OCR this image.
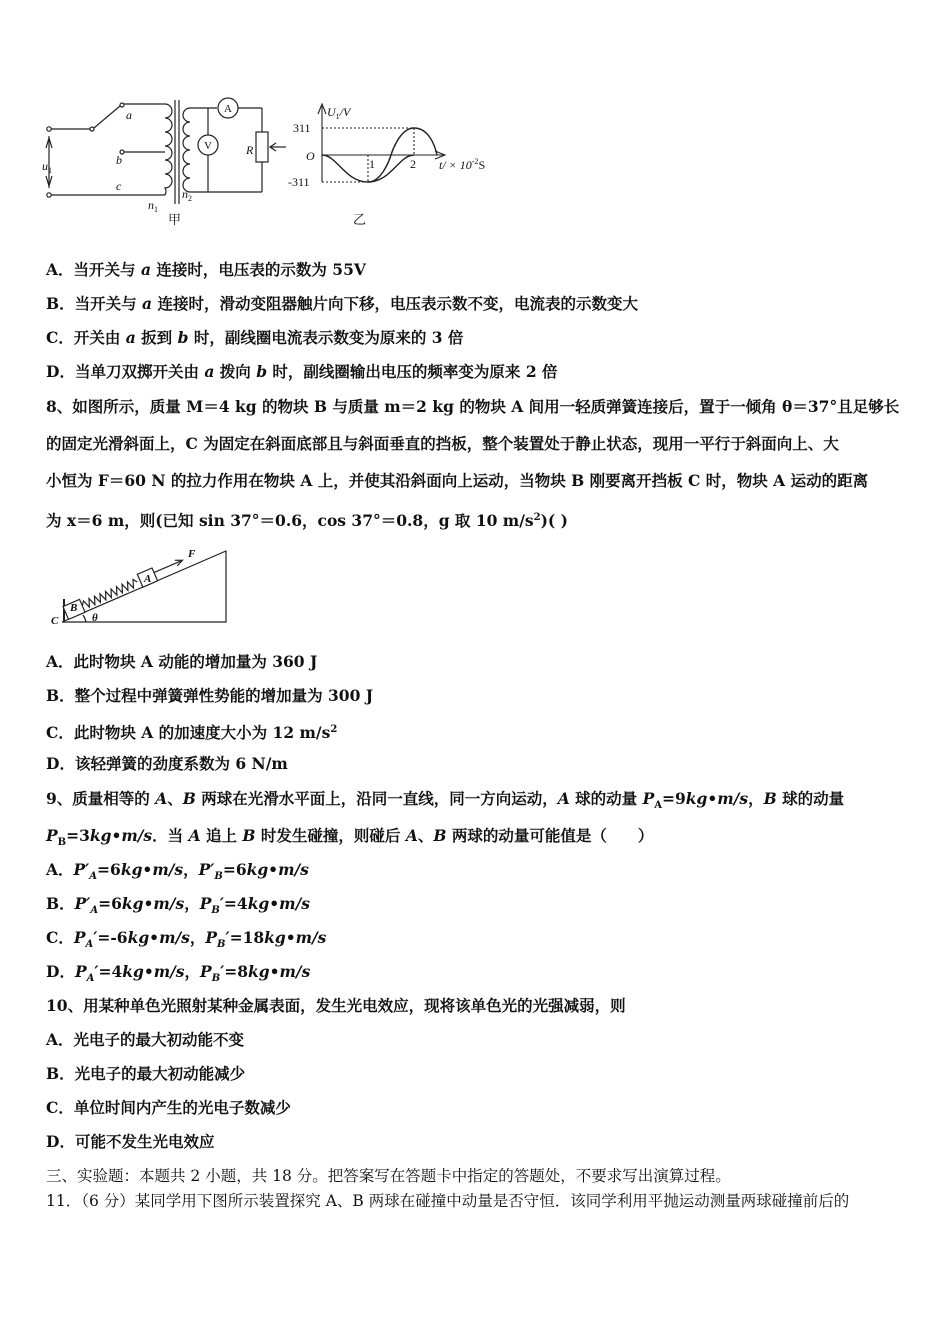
a
b
c
$u_1$
$n_1$
$n_2$
R
A
V
甲
$U_1/V$
311
-311
O
1	2 $t/ \times 10^{-2}S$
乙
A．当开关与 a 连接时，电压表的示数为 55V
B．当开关与 a 连接时，滑动变阻器触片向下移，电压表示数不变，电流表的示数变大
C．开关由 a 扳到 b 时，副线圈电流表示数变为原来的 3 倍
D．当单刀双掷开关由 a 拨向 b 时，副线圈输出电压的频率变为原来 2 倍
8、如图所示，质量 M＝4 kg 的物块 B 与质量 m＝2 kg 的物块 A 间用一轻质弹簧连接后，置于一倾角 θ＝37°且足够长
的固定光滑斜面上，C 为固定在斜面底部且与斜面垂直的挡板，整个装置处于静止状态，现用一平行于斜面向上、大
小恒为 F＝60 N 的拉力作用在物块 A 上，并使其沿斜面向上运动，当物块 B 刚要离开挡板 C 时，物块 A 运动的距离
为 x＝6 m，则(已知 sin 37°＝0.6，cos 37°＝0.8，g 取 10 $m/s^2$)( )
B
A
F
C	θ
A．此时物块 A 动能的增加量为 360 J
B．整个过程中弹簧弹性势能的增加量为 300 J
C．此时物块 A 的加速度大小为 12 $m/s^2$
D．该轻弹簧的劲度系数为 6 N/m
9、质量相等的 A、B 两球在光滑水平面上，沿同一直线，同一方向运动，A 球的动量 $P_A=9kg•m/s$，B 球的动量
$P_B=3kg•m/s$．当 A 追上 B 时发生碰撞，则碰后 A、B 两球的动量可能值是（　　）
A．$P'_A=6kg•m/s$，$P'_B=6kg•m/s$
B．$P'_A=6kg•m/s$，$P_B'=4kg•m/s$
C．$P_A'=-6kg•m/s$，$P_B'=18kg•m/s$
D．$P_A'=4kg•m/s$，$P_B'=8kg•m/s$
10、用某种单色光照射某种金属表面，发生光电效应，现将该单色光的光强减弱，则
A．光电子的最大初动能不变
B．光电子的最大初动能减少
C．单位时间内产生的光电子数减少
D．可能不发生光电效应
三、实验题：本题共 2 小题，共 18 分。把答案写在答题卡中指定的答题处，不要求写出演算过程。
11．（6 分）某同学用下图所示装置探究 A、B 两球在碰撞中动量是否守恒．该同学利用平抛运动测量两球碰撞前后的
